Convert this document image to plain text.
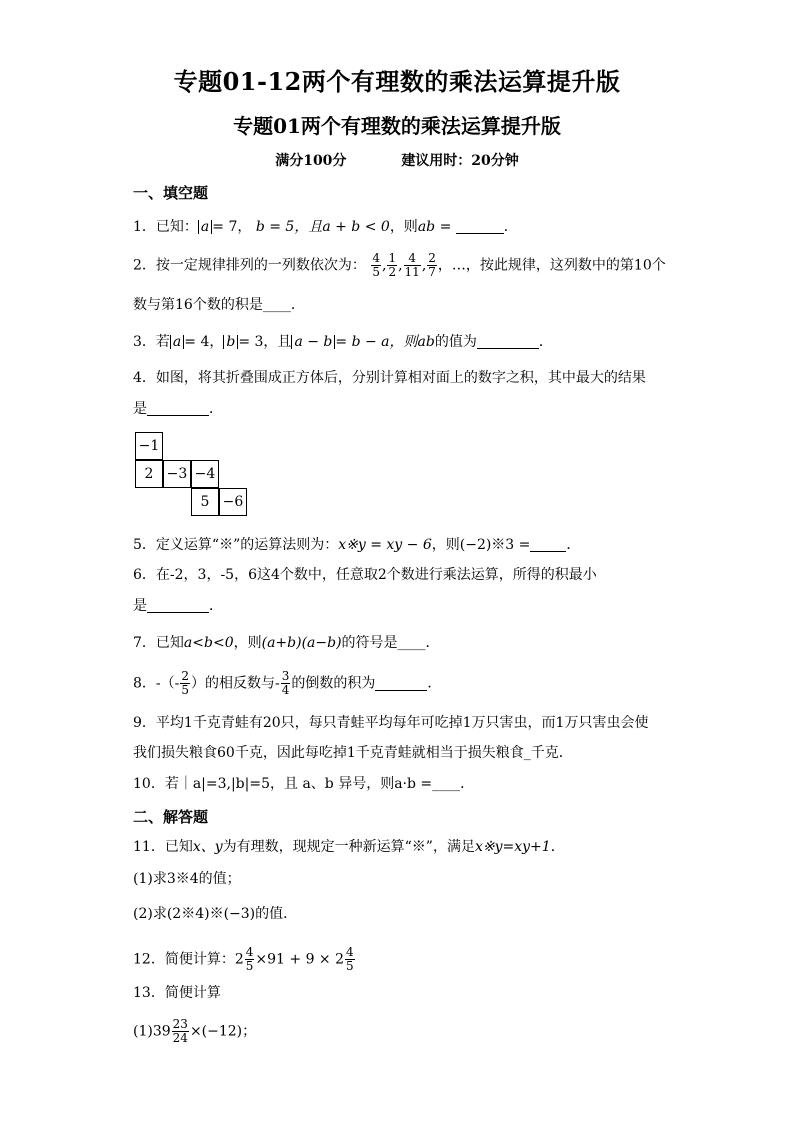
专题01-12两个有理数的乘法运算提升版
专题01两个有理数的乘法运算提升版
满分100分	建议用时：20分钟
一、填空题
1．已知： a = 7， b = 5，且a + b < 0，则ab =	．
2．按一定规律排列的一列数依次为： $\frac{4}{5}$ , $\frac{1}{2}$ , $\frac{4}{11}$ , $\frac{2}{7}$ ，…，按此规律，这列数中的第10个
数与第16个数的积是____．
3．若 a = 4， b = 3，且 a − b = b − a，则ab的值为	．
4．如图，将其折叠围成正方体后，分别计算相对面上的数字之积，其中最大的结果
是	．
−1
2 −3 −4
5 −6
5．定义运算“※”的运算法则为：x※y = xy − 6，则(−2)※3 =	．
6．在-2，3，-5，6这4个数中，任意取2个数进行乘法运算，所得的积最小
是	．
7．已知a<b<0，则(a+b)(a−b)的符号是____．
8．-（- $\frac{2}{5}$ ）的相反数与- $\frac{3}{4}$ 的倒数的积为	．
9．平均1千克青蛙有20只，每只青蛙平均每年可吃掉1万只害虫，而1万只害虫会使
我们损失粮食60千克，因此每吃掉1千克青蛙就相当于损失粮食_千克．
10．若｜a|=3,|b|=5，且 a、b 异号，则a·b =____．
二、解答题
11．已知x、y为有理数，现规定一种新运算“※”，满足x※y=xy+1．
(1)求3※4的值；
(2)求(2※4)※(−3)的值．
12．简便计算：$2 \frac{4}{5} \times 91 + 9 \times 2 \frac{4}{5}$
13．简便计算
$(1)39 \frac{23}{24} \times(-12)$；
